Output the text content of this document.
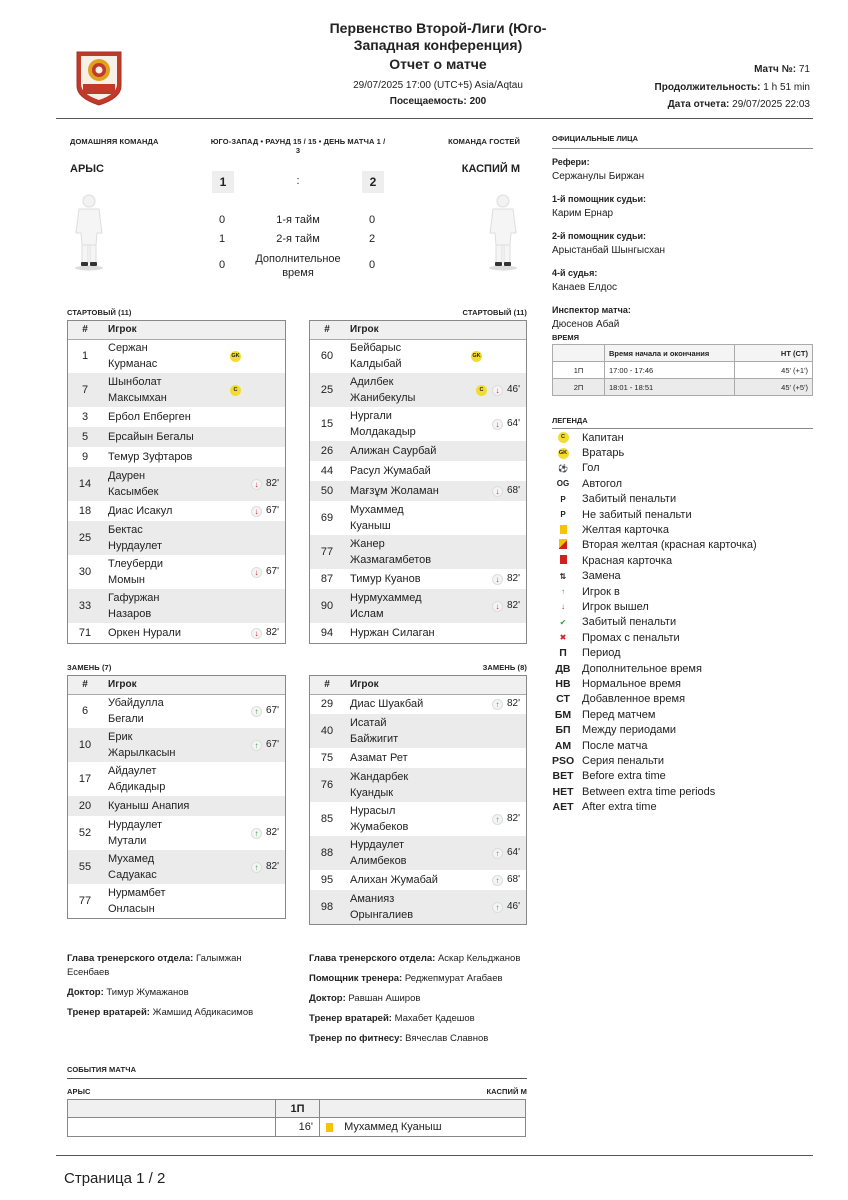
Первенство Второй-Лиги (Юго-Западная конференция)
Отчет о матче
29/07/2025 17:00 (UTC+5) Asia/Aqtau
Посещаемость: 200
Матч №: 71
Продолжительность: 1 h 51 min
Дата отчета: 29/07/2025 22:03
ДОМАШНЯЯ КОМАНДА	ЮГО-ЗАПАД • РАУНД 15 / 15 • ДЕНЬ МАТЧА 1 /
3
КОМАНДА ГОСТЕЙ
АРЫС	КАСПИЙ М
1	:	2
0	1-я тайм	0
1	2-я тайм	2
0	Дополнительное
время
0
СТАРТОВЫЙ (11)	СТАРТОВЫЙ (11)
#	Игрок	
1	Сержан
Курманас	GK
7	Шынболат
Максымхан	C
3	Ербол Епберген	

5	Ерсайын Бегалы	

9	Темур Зуфтаров	

14	Даурен
Касымбек	↓ 82'
18	Диас Исакул	↓ 67'
25	Бектас
Нурдаулет	

30	Тлеуберди
Момын	↓ 67'
33	Гафуржан
Назаров	

71	Оркен Нурали	↓ 82'
#	Игрок	
60	Бейбарыс
Калдыбай	GK
25	Адилбек
Жанибекулы	C ↓ 46'
15	Нургали
Молдакадыр	↓ 64'
26	Алижан Саурбай	

44	Расул Жумабай	

50	Мағзұм Жоламан	↓ 68'
69	Мухаммед
Куаныш	

77	Жанер
Жазмагамбетов	

87	Тимур Куанов	↓ 82'
90	Нурмухаммед
Ислам	↓ 82'
94	Нуржан Силаган	

ЗАМЕНЬ (7)	ЗАМЕНЬ (8)
#	Игрок	
6	Убайдулла
Бегали	↑ 67'
10	Ерик
Жарылкасын	↑ 67'
17	Айдаулет
Абдикадыр	

20	Куаныш Анапия	

52	Нурдаулет
Мутали	↑ 82'
55	Мухамед
Садуакас	↑ 82'
77	Нурмамбет
Онласын	

#	Игрок	
29	Диас Шуакбай	↑ 82'
40	Исатай
Байжигит	

75	Азамат Рет	

76	Жандарбек
Куандык	

85	Нурасыл
Жумабеков	↑ 82'
88	Нурдаулет
Алимбеков	↑ 64'
95	Алихан Жумабай	↑ 68'
98	Аманияз
Орынгалиев	↑ 46'
Глава тренерского отдела: Галымжан
Есенбаев
Доктор: Тимур Жумажанов
Тренер вратарей: Жамшид Абдикасимов
Глава тренерского отдела: Аскар Кельджанов
Помощник тренера: Реджепмурат Агабаев
Доктор: Равшан Аширов
Тренер вратарей: Махабет Қадешов
Тренер по фитнесу: Вячеслав Славнов
СОБЫТИЯ МАТЧА
АРЫС	КАСПИЙ М
	1П	
	16'	Мухаммед Куаныш
ОФИЦИАЛЬНЫЕ ЛИЦА
Рефери:
Сержанулы Биржан
1-й помощник судьи:
Карим Ернар
2-й помощник судьи:
Арыстанбай Шынгысхан
4-й судья:
Канаев Елдос
Инспектор матча:
Дюсенов Абай
ВРЕМЯ
	Время начала и окончания	HT (CT)
1П	17:00 - 17:46	45' (+1')
2П	18:01 - 18:51	45' (+5')
ЛЕГЕНДА
C	Капитан
GK	Вратарь
⚽	Гол
OG	Автогол
P	Забитый пенальти
P	Не забитый пенальти
Желтая карточка
Вторая желтая (красная карточка)
Красная карточка
⇅	Замена
↑	Игрок в
↓	Игрок вышел
✔	Забитый пенальти
✖	Промах с пенальти
П	Период
ДВ	Дополнительное время
НВ	Нормальное время
СТ	Добавленное время
БМ Перед матчем
БП	Между периодами
АМ После матча
PSO Серия пенальти
BET Before extra time
HET Between extra time periods
AET After extra time
Страница 1 / 2
